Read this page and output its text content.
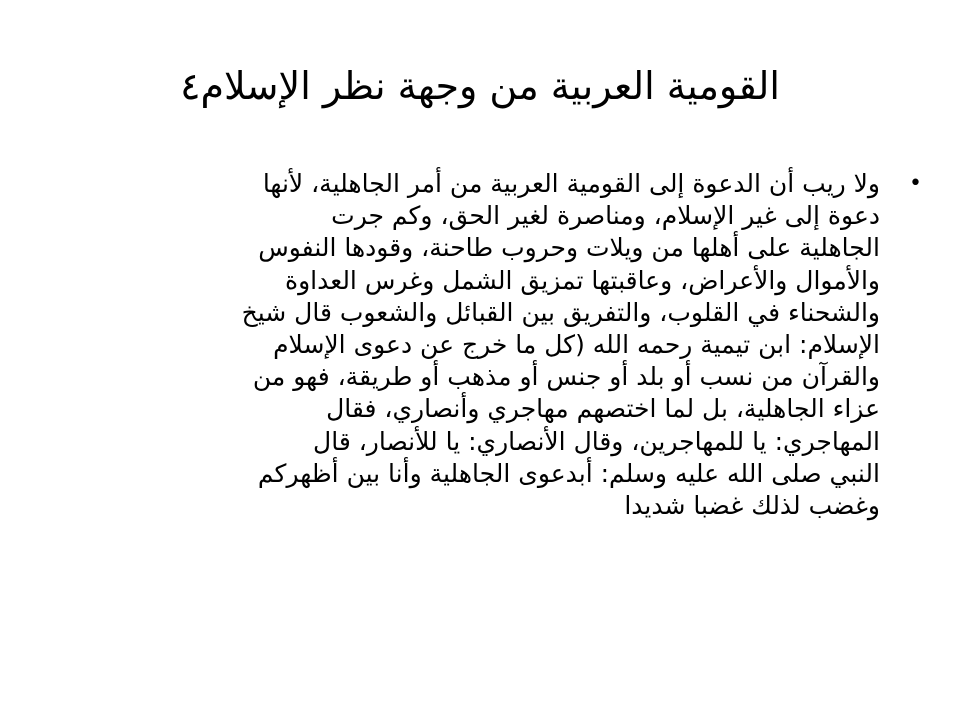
القومية العربية من وجهة نظر الإسلام٤
•
ولا ريب أن الدعوة إلى القومية العربية من أمر الجاهلية، لأنها
دعوة إلى غير الإسلام، ومناصرة لغير الحق، وكم جرت
الجاهلية على أهلها من ويلات وحروب طاحنة، وقودها النفوس
والأموال والأعراض، وعاقبتها تمزيق الشمل وغرس العداوة
والشحناء في القلوب، والتفريق بين القبائل والشعوب قال شيخ
الإسلام: ابن تيمية رحمه الله (كل ما خرج عن دعوى الإسلام
والقرآن من نسب أو بلد أو جنس أو مذهب أو طريقة، فهو من
عزاء الجاهلية، بل لما اختصهم مهاجري وأنصاري، فقال
المهاجري: يا للمهاجرين، وقال الأنصاري: يا للأنصار، قال
النبي صلى الله عليه وسلم: أبدعوى الجاهلية وأنا بين أظهركم
وغضب لذلك غضبا شديدا
